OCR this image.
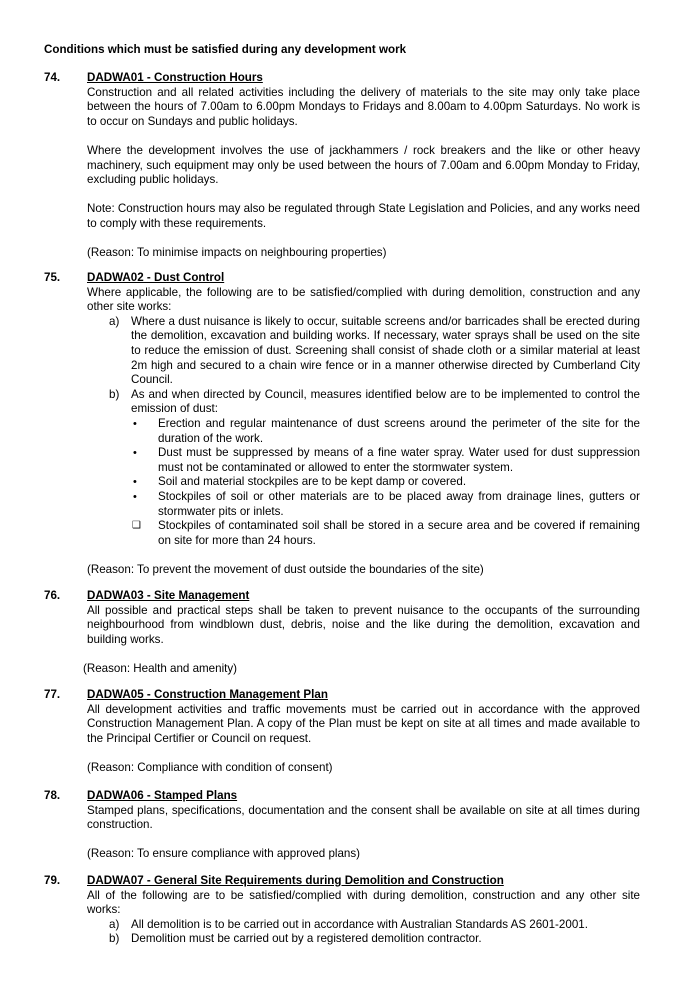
Conditions which must be satisfied during any development work

74. DADWA01 - Construction Hours

Construction and all related activities including the delivery of materials to the site may only take place between the hours of 7.00am to 6.00pm Mondays to Fridays and 8.00am to 4.00pm Saturdays. No work is to occur on Sundays and public holidays.

Where the development involves the use of jackhammers / rock breakers and the like or other heavy machinery, such equipment may only be used between the hours of 7.00am and 6.00pm Monday to Friday, excluding public holidays.

Note: Construction hours may also be regulated through State Legislation and Policies, and any works need to comply with these requirements.

(Reason: To minimise impacts on neighbouring properties)

75. DADWA02 - Dust Control

Where applicable, the following are to be satisfied/complied with during demolition, construction and any other site works:

a) Where a dust nuisance is likely to occur, suitable screens and/or barricades shall be erected during the demolition, excavation and building works. If necessary, water sprays shall be used on the site to reduce the emission of dust. Screening shall consist of shade cloth or a similar material at least 2m high and secured to a chain wire fence or in a manner otherwise directed by Cumberland City Council.
b) As and when directed by Council, measures identified below are to be implemented to control the emission of dust:
• Erection and regular maintenance of dust screens around the perimeter of the site for the duration of the work.
• Dust must be suppressed by means of a fine water spray. Water used for dust suppression must not be contaminated or allowed to enter the stormwater system.
• Soil and material stockpiles are to be kept damp or covered.
• Stockpiles of soil or other materials are to be placed away from drainage lines, gutters or stormwater pits or inlets.
❑ Stockpiles of contaminated soil shall be stored in a secure area and be covered if remaining on site for more than 24 hours.

(Reason: To prevent the movement of dust outside the boundaries of the site)

76. DADWA03 - Site Management

All possible and practical steps shall be taken to prevent nuisance to the occupants of the surrounding neighbourhood from windblown dust, debris, noise and the like during the demolition, excavation and building works.

(Reason: Health and amenity)

77. DADWA05 - Construction Management Plan

All development activities and traffic movements must be carried out in accordance with the approved Construction Management Plan. A copy of the Plan must be kept on site at all times and made available to the Principal Certifier or Council on request.

(Reason: Compliance with condition of consent)

78. DADWA06 - Stamped Plans

Stamped plans, specifications, documentation and the consent shall be available on site at all times during construction.

(Reason: To ensure compliance with approved plans)

79. DADWA07 - General Site Requirements during Demolition and Construction

All of the following are to be satisfied/complied with during demolition, construction and any other site works:

a) All demolition is to be carried out in accordance with Australian Standards AS 2601-2001.
b) Demolition must be carried out by a registered demolition contractor.
